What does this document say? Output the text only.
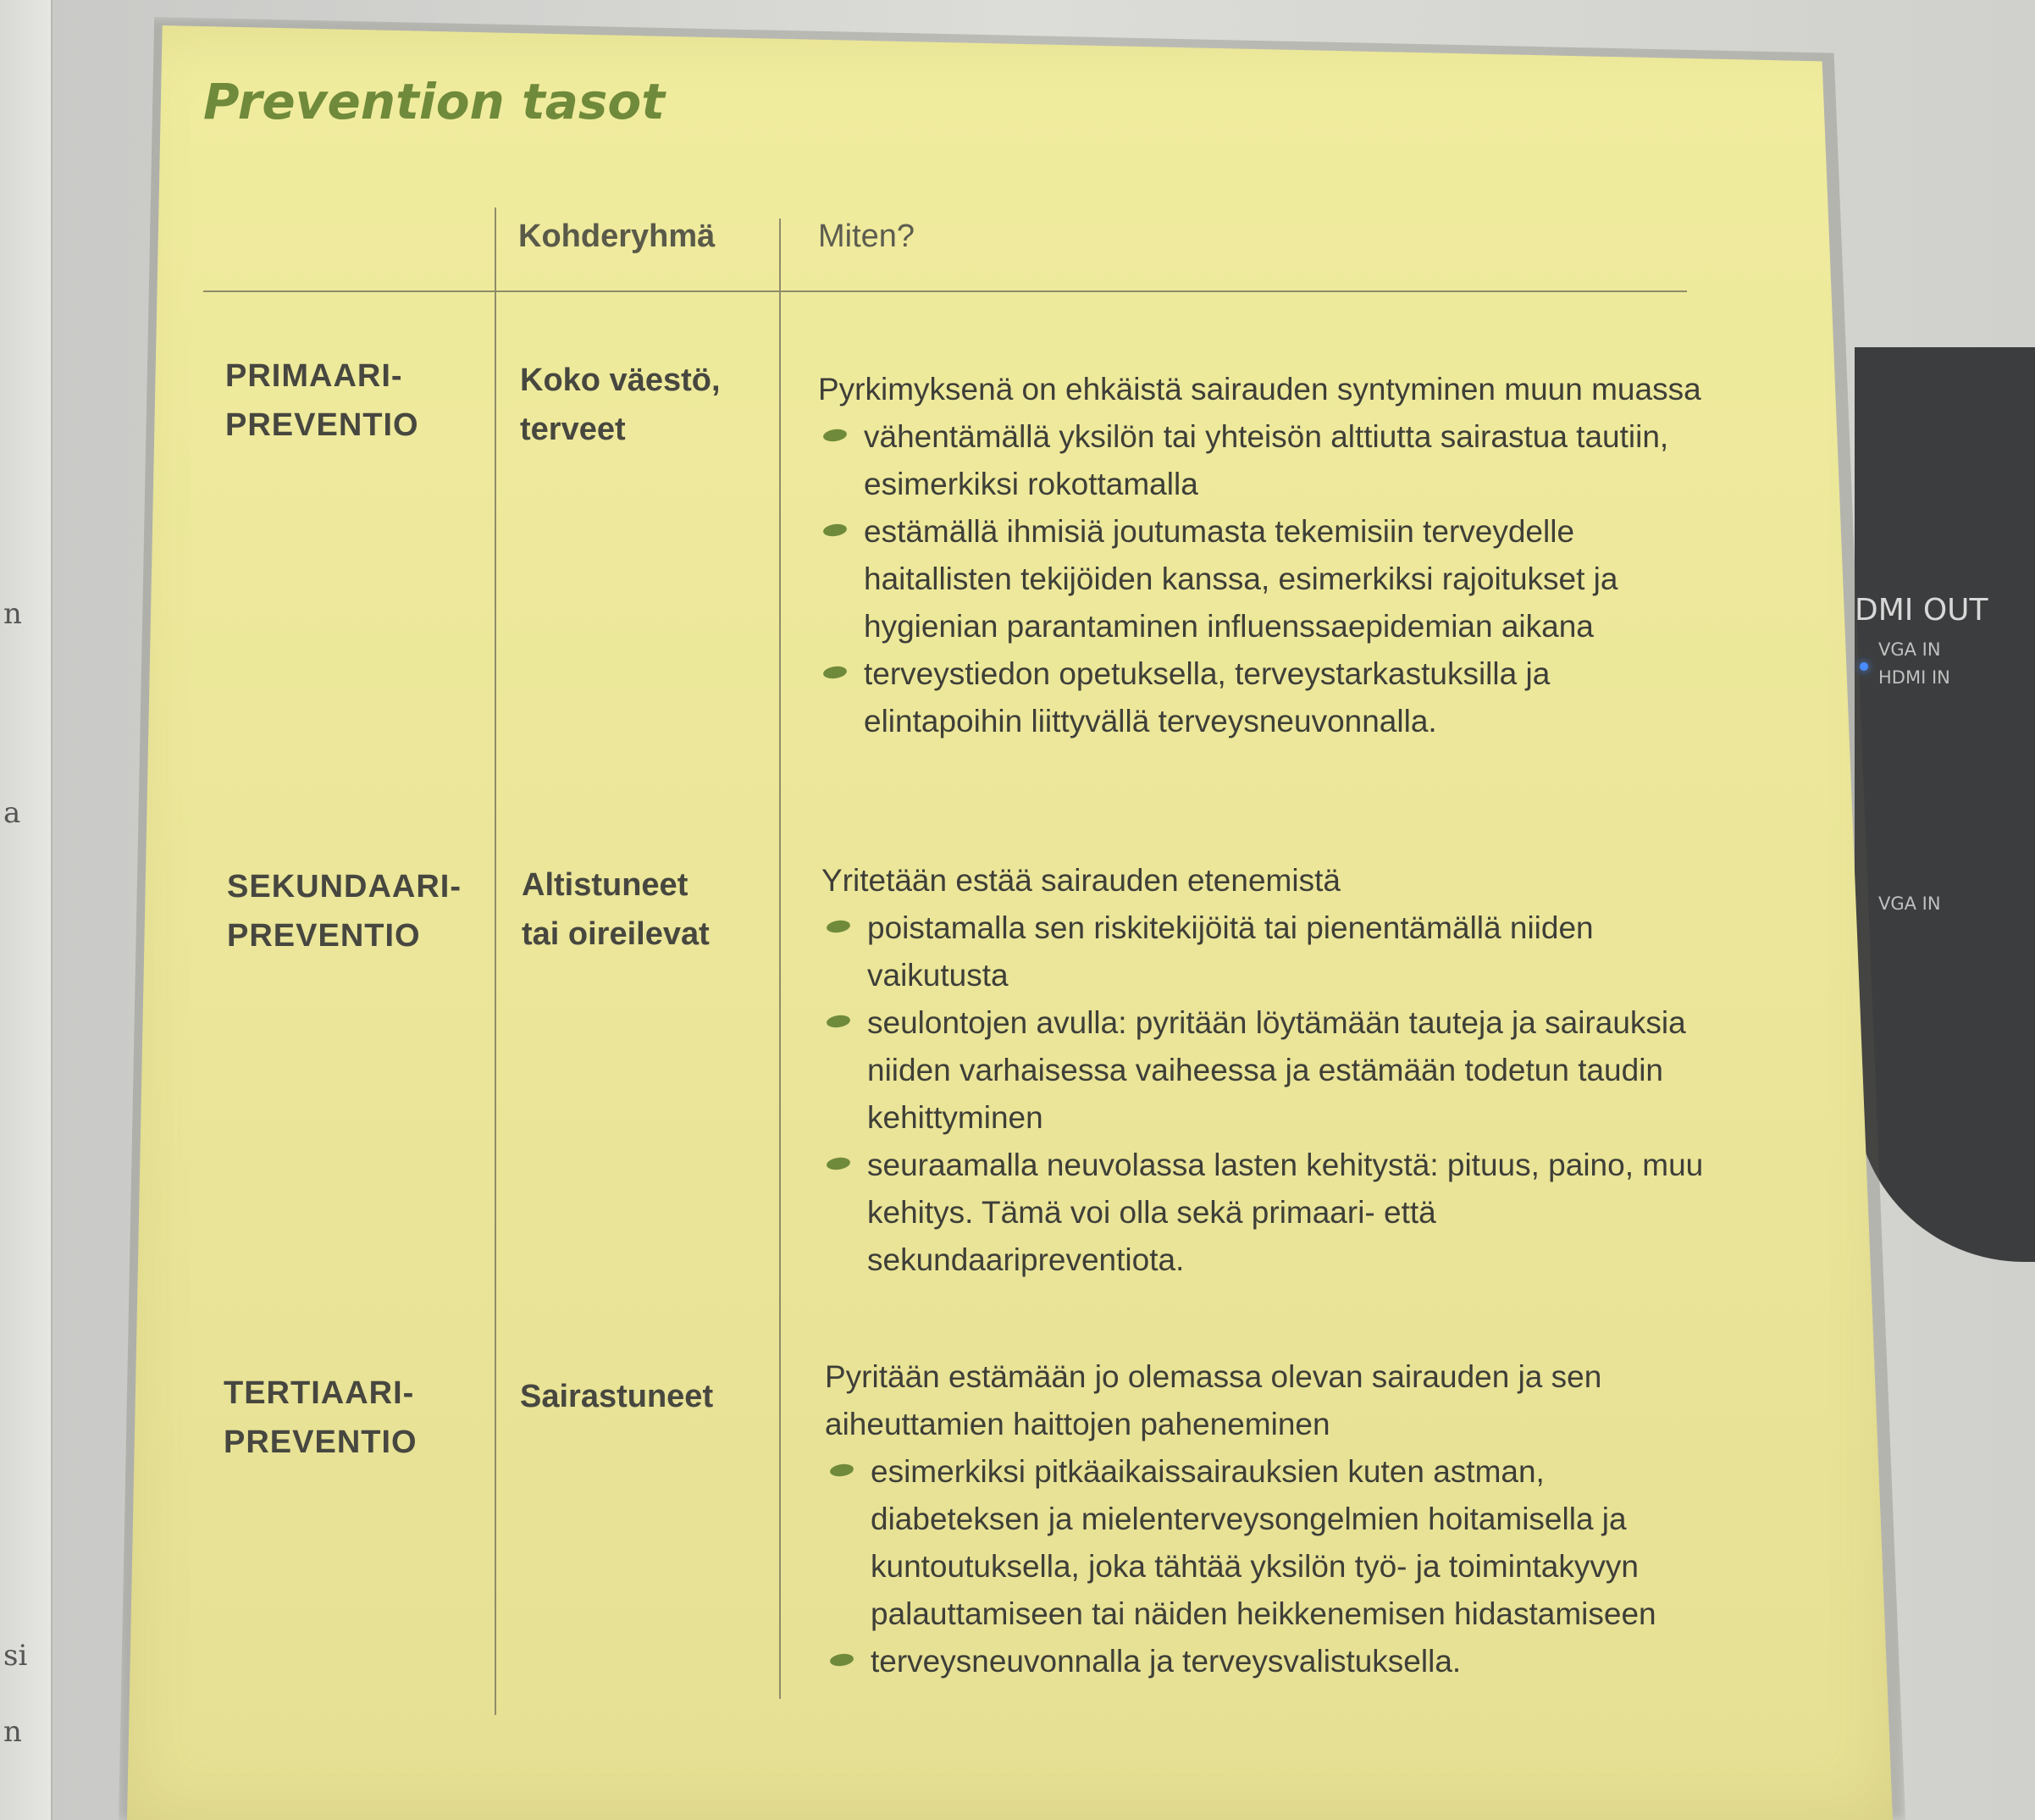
n
a
si
n
DMI OUT
VGA IN
HDMI IN
VGA IN
Prevention tasot
Kohderyhmä	Miten?
PRIMAARI-
PREVENTIO
Koko väestö,
terveet

Pyrkimyksenä on ehkäistä sairauden syntyminen muun muassa

vähentämällä yksilön tai yhteisön alttiutta sairastua tautiin, esimerkiksi rokottamalla
estämällä ihmisiä joutumasta tekemisiin terveydelle haitallisten tekijöiden kanssa, esimerkiksi rajoitukset ja hygienian parantaminen influenssaepidemian aikana
terveystiedon opetuksella, terveystarkastuksilla ja elintapoihin liittyvällä terveysneuvonnalla.
SEKUNDAARI-
PREVENTIO
Altistuneet
tai oireilevat

Yritetään estää sairauden etenemistä

poistamalla sen riskitekijöitä tai pienentämällä niiden vaikutusta
seulontojen avulla: pyritään löytämään tauteja ja sairauksia niiden varhaisessa vaiheessa ja estämään todetun taudin kehittyminen
seuraamalla neuvolassa lasten kehitystä: pituus, paino, muu kehitys. Tämä voi olla sekä primaari- että sekundaaripreventiota.
TERTIAARI-
PREVENTIO
Sairastuneet

Pyritään estämään jo olemassa olevan sairauden ja sen aiheuttamien haittojen paheneminen

esimerkiksi pitkäaikaissairauksien kuten astman, diabeteksen ja mielenterveysongelmien hoitamisella ja kuntoutuksella, joka tähtää yksilön työ- ja toimintakyvyn palauttamiseen tai näiden heikkenemisen hidastamiseen
terveysneuvonnalla ja terveysvalistuksella.
